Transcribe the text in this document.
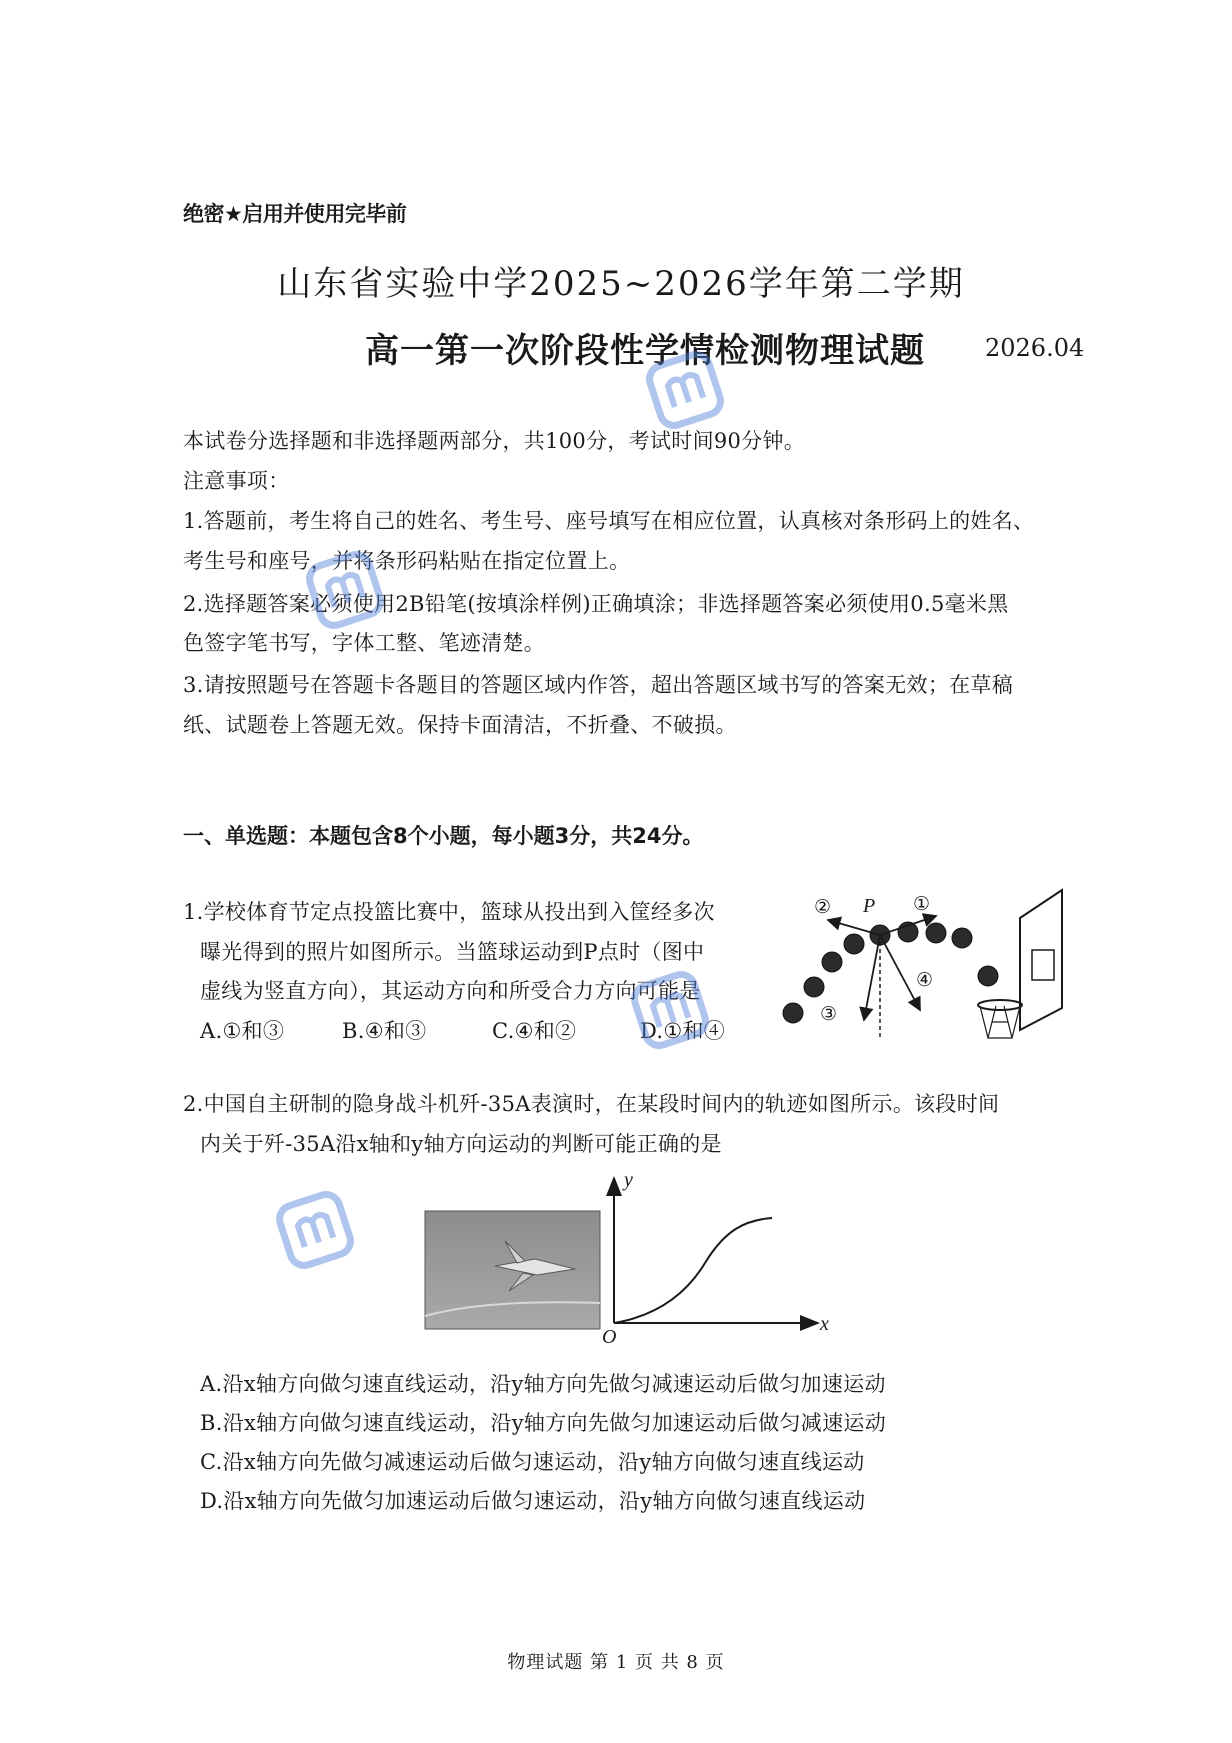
绝密★启用并使用完毕前
山东省实验中学2025~2026学年第二学期
高一第一次阶段性学情检测物理试题	2026.04
本试卷分选择题和非选择题两部分，共100分，考试时间90分钟。
注意事项：
1.答题前，考生将自己的姓名、考生号、座号填写在相应位置，认真核对条形码上的姓名、
考生号和座号，并将条形码粘贴在指定位置上。
2.选择题答案必须使用2B铅笔(按填涂样例)正确填涂；非选择题答案必须使用0.5毫米黑
色签字笔书写，字体工整、笔迹清楚。
3.请按照题号在答题卡各题目的答题区域内作答，超出答题区域书写的答案无效；在草稿
纸、试题卷上答题无效。保持卡面清洁，不折叠、不破损。
一、单选题：本题包含8个小题，每小题3分，共24分。
1.学校体育节定点投篮比赛中，篮球从投出到入筐经多次
曝光得到的照片如图所示。当篮球运动到P点时（图中
虚线为竖直方向），其运动方向和所受合力方向可能是
A.①和③	B.④和③	C.④和②	D.①和④
P ①
②
③
④
2.中国自主研制的隐身战斗机歼-35A表演时，在某段时间内的轨迹如图所示。该段时间
内关于歼-35A沿x轴和y轴方向运动的判断可能正确的是
y
x
O
A.沿x轴方向做匀速直线运动，沿y轴方向先做匀减速运动后做匀加速运动
B.沿x轴方向做匀速直线运动，沿y轴方向先做匀加速运动后做匀减速运动
C.沿x轴方向先做匀减速运动后做匀速运动，沿y轴方向做匀速直线运动
D.沿x轴方向先做匀加速运动后做匀速运动，沿y轴方向做匀速直线运动
物理试题 第 1 页 共 8 页
